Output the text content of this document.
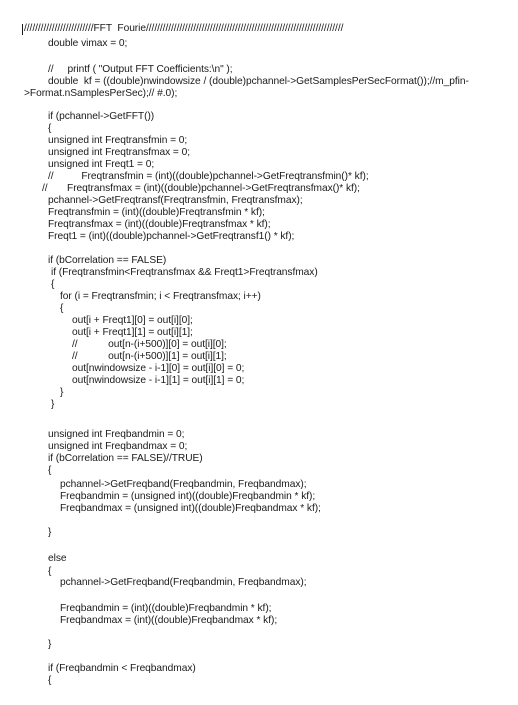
/////////////////////////FFT  Fourie///////////////////////////////////////////////////////////////////////
double vimax = 0;
//     printf ( "Output FFT Coefficients:\n" );
double  kf = ((double)nwindowsize / (double)pchannel->GetSamplesPerSecFormat());//m_pfin-
>Format.nSamplesPerSec);// #.0);
if (pchannel->GetFFT())
{
unsigned int Freqtransfmin = 0;
unsigned int Freqtransfmax = 0;
unsigned int Freqt1 = 0;
//          Freqtransfmin = (int)((double)pchannel->GetFreqtransfmin()* kf);
//       Freqtransfmax = (int)((double)pchannel->GetFreqtransfmax()* kf);
pchannel->GetFreqtransf(Freqtransfmin, Freqtransfmax);
Freqtransfmin = (int)((double)Freqtransfmin * kf);
Freqtransfmax = (int)((double)Freqtransfmax * kf);
Freqt1 = (int)((double)pchannel->GetFreqtransf1() * kf);
if (bCorrelation == FALSE)
if (Freqtransfmin<Freqtransfmax && Freqt1>Freqtransfmax)
{
for (i = Freqtransfmin; i < Freqtransfmax; i++)
{
out[i + Freqt1][0] = out[i][0];
out[i + Freqt1][1] = out[i][1];
//           out[n-(i+500)][0] = out[i][0];
//           out[n-(i+500)][1] = out[i][1];
out[nwindowsize - i-1][0] = out[i][0] = 0;
out[nwindowsize - i-1][1] = out[i][1] = 0;
}
}
unsigned int Freqbandmin = 0;
unsigned int Freqbandmax = 0;
if (bCorrelation == FALSE)//TRUE)
{
pchannel->GetFreqband(Freqbandmin, Freqbandmax);
Freqbandmin = (unsigned int)((double)Freqbandmin * kf);
Freqbandmax = (unsigned int)((double)Freqbandmax * kf);
}
else
{
pchannel->GetFreqband(Freqbandmin, Freqbandmax);
Freqbandmin = (int)((double)Freqbandmin * kf);
Freqbandmax = (int)((double)Freqbandmax * kf);
}
if (Freqbandmin < Freqbandmax)
{
